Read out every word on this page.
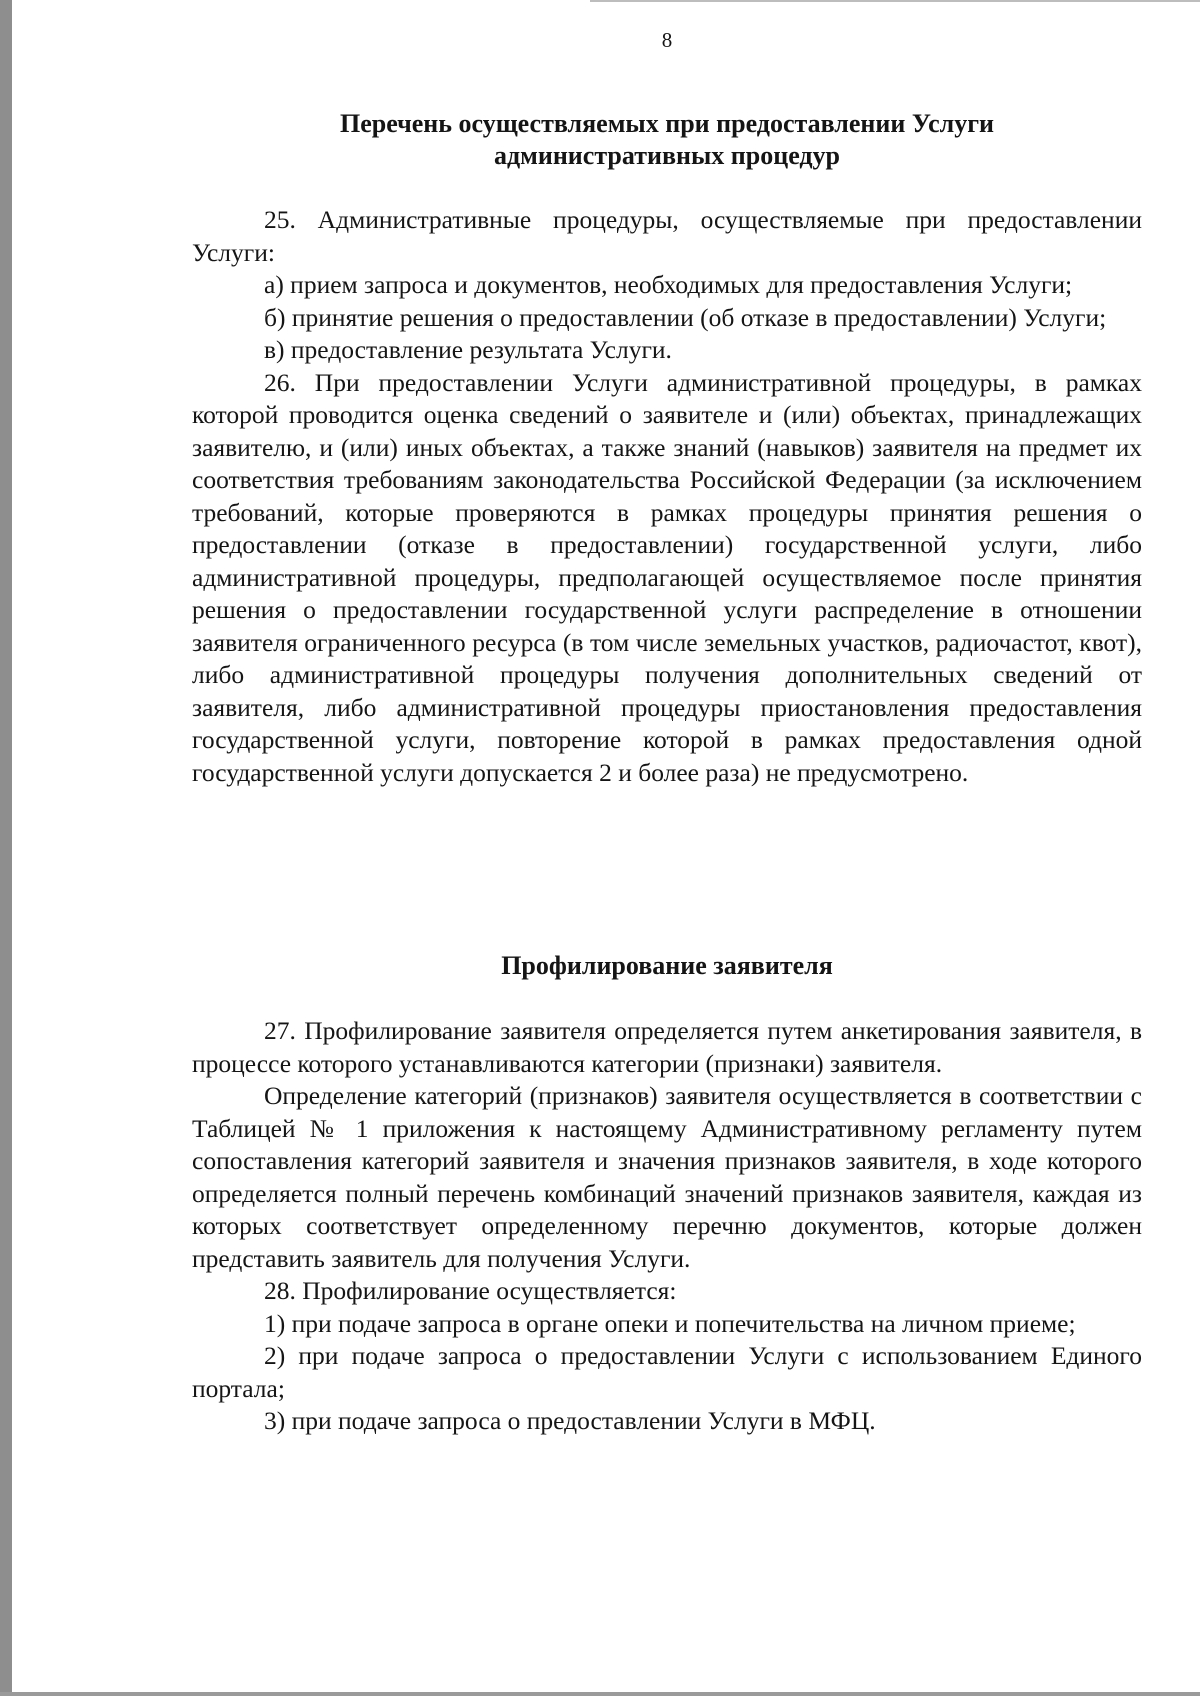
8

Перечень осуществляемых при предоставлении Услуги
административных процедур

25. Административные процедуры, осуществляемые при предоставлении Услуги:

а) прием запроса и документов, необходимых для предоставления Услуги;

б) принятие решения о предоставлении (об отказе в предоставлении) Услуги;

в) предоставление результата Услуги.

26. При предоставлении Услуги административной процедуры, в рамках которой проводится оценка сведений о заявителе и (или) объектах, принадлежащих заявителю, и (или) иных объектах, а также знаний (навыков) заявителя на предмет их соответствия требованиям законодательства Российской Федерации (за исключением требований, которые проверяются в рамках процедуры принятия решения о предоставлении (отказе в предоставлении) государственной услуги, либо административной процедуры, предполагающей осуществляемое после принятия решения о предоставлении государственной услуги распределение в отношении заявителя ограниченного ресурса (в том числе земельных участков, радиочастот, квот), либо административной процедуры получения дополнительных сведений от заявителя, либо административной процедуры приостановления предоставления государственной услуги, повторение которой в рамках предоставления одной государственной услуги допускается 2 и более раза) не предусмотрено.

Профилирование заявителя

27. Профилирование заявителя определяется путем анкетирования заявителя, в процессе которого устанавливаются категории (признаки) заявителя.

Определение категорий (признаков) заявителя осуществляется в соответствии с Таблицей № 1 приложения к настоящему Административному регламенту путем сопоставления категорий заявителя и значения признаков заявителя, в ходе которого определяется полный перечень комбинаций значений признаков заявителя, каждая из которых соответствует определенному перечню документов, которые должен представить заявитель для получения Услуги.

28. Профилирование осуществляется:

1) при подаче запроса в органе опеки и попечительства на личном приеме;

2) при подаче запроса о предоставлении Услуги с использованием Единого портала;

3) при подаче запроса о предоставлении Услуги в МФЦ.
